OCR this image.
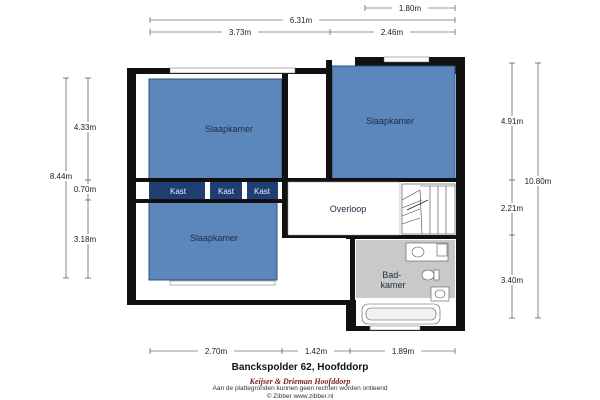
Slaapkamer
Slaapkamer
Slaapkamer
Overloop
Bad- kamer
Kast	Kast Kast
6.31m
1.80m
3.73m	2.46m
8.44m
4.33m
0.70m
3.18m
4.91m
2.21m
3.40m
10.80m
2.70m	1.42m	1.89m
Banckspolder 62, Hoofddorp
Keijser & Drieman Hoofddorp
Aan de plattegronden kunnen geen rechten worden ontleend
© Zibber www.zibber.nl
